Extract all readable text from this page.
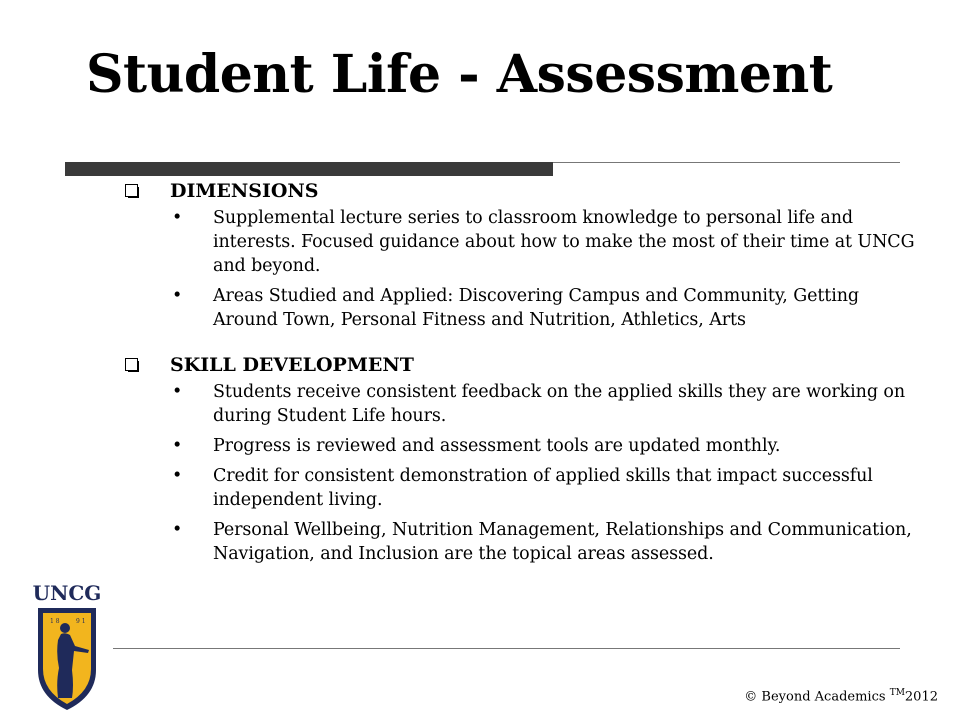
Student Life - Assessment
DIMENSIONS
• Supplemental lecture series to classroom knowledge to personal life and interests. Focused guidance about how to make the most of their time at UNCG and beyond.
• Areas Studied and Applied: Discovering Campus and Community, Getting Around Town, Personal Fitness and Nutrition, Athletics, Arts
SKILL DEVELOPMENT
• Students receive consistent feedback on the applied skills they are working on during Student Life hours.
• Progress is reviewed and assessment tools are updated monthly.
• Credit for consistent demonstration of applied skills that impact successful independent living.
• Personal Wellbeing, Nutrition Management, Relationships and Communication, Navigation, and Inclusion are the topical areas assessed.
UNCG
1 8	9 1
© Beyond Academics ™2012
